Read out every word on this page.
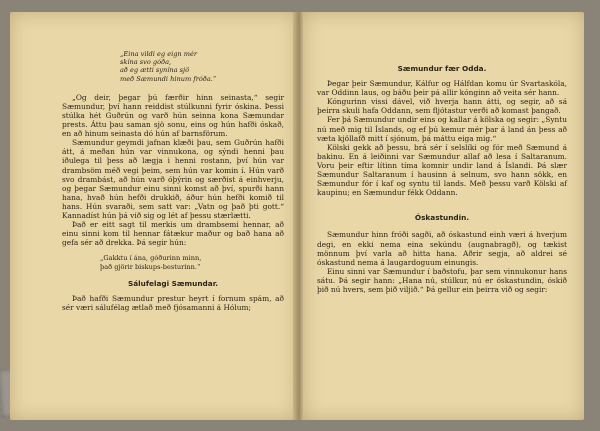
„Eina vildi eg eign mér
skína svo góða,
að eg ætti synína sjö
með Sæmundi hinum fróða.“

„Og deir, þegar þú færðir hinn seinasta,“ segir Sæmundur, því hann reiddist stúlkunni fyrir óskina. Þessi stúlka hét Guðrún og varð hún seinna kona Sæmundar prests. Áttu þau saman sjö sonu, eins og hún hafði óskað, en að hinum seinasta dó hún af barnsförum.

Sæmundur geymdi jafnan klæði þau, sem Guðrún hafði átt, á meðan hún var vinnukona, og sýndi henni þau iðulega til þess að lægja i henni rostann, því hún var drambsöm méð vegi þeim, sem hún var komin í. Hún varð svo drambást, að hún varð óþýrin og særðist á einhverju, og þegar Sæmundur einu sinni komst að því, spurði hann hana, hvað hún hefði drukkið, áður hún hefði komið til hans. Hún svaraði, sem satt var: „Vatn og það þti gott.“ Kannadíst hún þá við sig og lét af þessu stærlætti.

Það er eitt sagt til merkis um drambsemi hennar, að einu sinni kom til hennar fátækur maður og bað hana að gefa sér að drekka. Þá segir hún:

„Gakktu í ána, góðurinn minn,
það gjörir biskups-besturinn.“
Sálufelagi Sæmundar.

Það hafði Sæmundur prestur heyrt í fornum spám, að sér væri sálufélag ætlað með fjósamanni á Hólum;

Sæmundur fær Odda.

Þegar þeir Sæmundur, Kálfur og Hálfdan komu úr Svartaskóla, var Oddinn laus, og báðu þeir pá allir kónginn að veita sér hann.

Kóngurinn vissi dável, við hverja hann átti, og segir, að sá þeirra skuli hafa Oddann, sem fljótastur verði að komast þangað.

Fer þá Sæmundur undir eins og kallar á kölska og segir: „Syntu nú með mig til Íslands, og ef þú kemur mér þar á land án þess að væta kjöllafð mitt í sjónum, þá máttu eiga mig.“

Kölski gekk að þessu, brá sér í selslíki og fór með Sæmund á bakinu. En á leiðinni var Sæmundur allaf að lesa í Saltaranum. Voru þeir eftir lítinn tíma komnir undir land á Íslandi. Þá slær Sæmundur Saltaranum í hausinn á selnum, svo hann sökk, en Sæmundur fór í kaf og syntu til lands. Með þessu varð Kölski af kaupinu; en Sæmundur fékk Oddann.

Óskastundin.

Sæmundur hinn fróði sagði, að óskastund einh væri á hverjum degi, en ekki nema eina sekúndu (augnabragð), og tækist mönnum því varla að hitta hana. Aðrir segja, að aldrei sé óskastund nema á laugardoguum einungis.

Einu sinni var Sæmundur í baðstofu, þar sem vinnukonur hans sátu. Þá segir hann: „Hana nú, stúlkur, nú er óskastundin, óskið þið nú hvers, sem þið viljið.“ Þá gellur ein þeirra við og segir:
